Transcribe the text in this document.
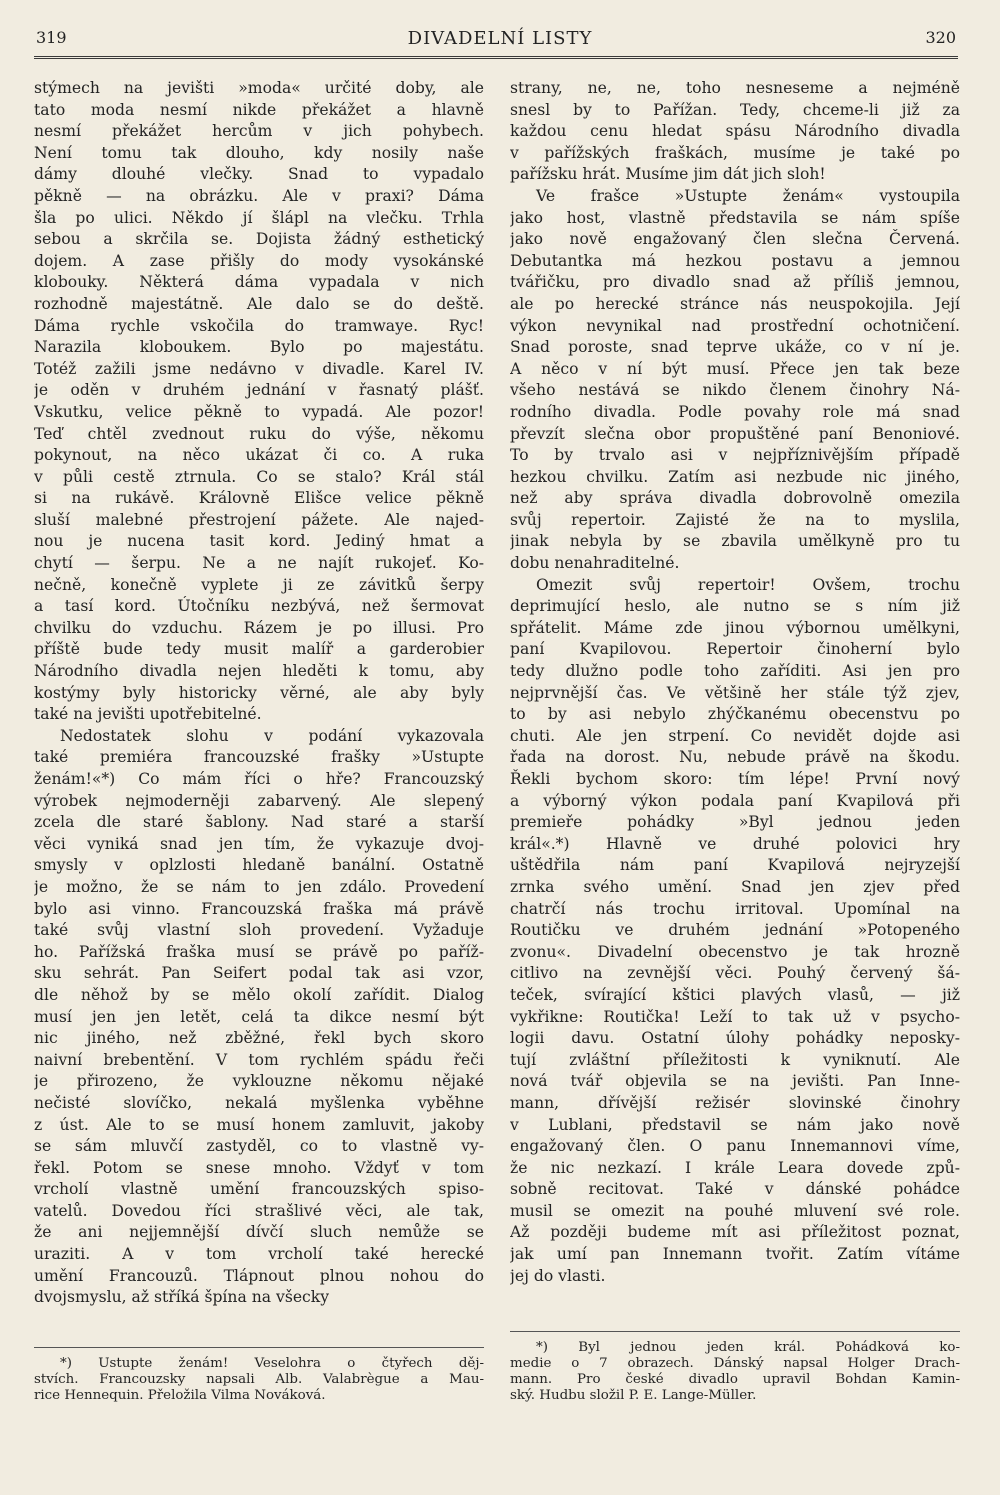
319	DIVADELNÍ LISTY	320
stýmech na jevišti »moda« určité doby, ale
tato moda nesmí nikde překážet a hlavně
nesmí překážet hercům v jich pohybech.
Není tomu tak dlouho, kdy nosily naše
dámy dlouhé vlečky. Snad to vypadalo
pěkně — na obrázku. Ale v praxi? Dáma
šla po ulici. Někdo jí šlápl na vlečku. Trhla
sebou a skrčila se. Dojista žádný esthetický
dojem. A zase přišly do mody vysokánské
klobouky. Některá dáma vypadala v nich
rozhodně majestátně. Ale dalo se do deště.
Dáma rychle vskočila do tramwaye. Ryc!
Narazila kloboukem. Bylo po majestátu.
Totéž zažili jsme nedávno v divadle. Karel IV.
je oděn v druhém jednání v řasnatý plášť.
Vskutku, velice pěkně to vypadá. Ale pozor!
Teď chtěl zvednout ruku do výše, někomu
pokynout, na něco ukázat či co. A ruka
v půli cestě ztrnula. Co se stalo? Král stál
si na rukávě. Královně Elišce velice pěkně
sluší malebné přestrojení pážete. Ale najed-
nou je nucena tasit kord. Jediný hmat a
chytí — šerpu. Ne a ne najít rukojeť. Ko-
nečně, konečně vyplete ji ze závitků šerpy
a tasí kord. Útočníku nezbývá, než šermovat
chvilku do vzduchu. Rázem je po illusi. Pro
příště bude tedy musit malíř a garderobier
Národního divadla nejen hleděti k tomu, aby
kostýmy byly historicky věrné, ale aby byly
také na jevišti upotřebitelné.
Nedostatek slohu v podání vykazovala
také premiéra francouzské frašky »Ustupte
ženám!«*) Co mám říci o hře? Francouzský
výrobek nejmoderněji zabarvený. Ale slepený
zcela dle staré šablony. Nad staré a starší
věci vyniká snad jen tím, že vykazuje dvoj-
smysly v oplzlosti hledaně banální. Ostatně
je možno, že se nám to jen zdálo. Provedení
bylo asi vinno. Francouzská fraška má právě
také svůj vlastní sloh provedení. Vyžaduje
ho. Pařížská fraška musí se právě po paříž-
sku sehrát. Pan Seifert podal tak asi vzor,
dle něhož by se mělo okolí zařídit. Dialog
musí jen jen letět, celá ta dikce nesmí být
nic jiného, než zběžné, řekl bych skoro
naivní brebentění. V tom rychlém spádu řeči
je přirozeno, že vyklouzne někomu nějaké
nečisté slovíčko, nekalá myšlenka vyběhne
z úst. Ale to se musí honem zamluvit, jakoby
se sám mluvčí zastyděl, co to vlastně vy-
řekl. Potom se snese mnoho. Vždyť v tom
vrcholí vlastně umění francouzských spiso-
vatelů. Dovedou říci strašlivé věci, ale tak,
že ani nejjemnější dívčí sluch nemůže se
uraziti. A v tom vrcholí také herecké
umění Francouzů. Tlápnout plnou nohou do
dvojsmyslu, až stříká špína na všecky
strany, ne, ne, toho nesneseme a nejméně
snesl by to Pařížan. Tedy, chceme-li již za
každou cenu hledat spásu Národního divadla
v pařížských fraškách, musíme je také po
pařížsku hrát. Musíme jim dát jich sloh!
Ve frašce »Ustupte ženám« vystoupila
jako host, vlastně představila se nám spíše
jako nově engažovaný člen slečna Červená.
Debutantka má hezkou postavu a jemnou
tvářičku, pro divadlo snad až příliš jemnou,
ale po herecké stránce nás neuspokojila. Její
výkon nevynikal nad prostřední ochotničení.
Snad poroste, snad teprve ukáže, co v ní je.
A něco v ní být musí. Přece jen tak beze
všeho nestává se nikdo členem činohry Ná-
rodního divadla. Podle povahy role má snad
převzít slečna obor propuštěné paní Benoniové.
To by trvalo asi v nejpříznivějším případě
hezkou chvilku. Zatím asi nezbude nic jiného,
než aby správa divadla dobrovolně omezila
svůj repertoir. Zajisté že na to myslila,
jinak nebyla by se zbavila umělkyně pro tu
dobu nenahraditelné.
Omezit svůj repertoir! Ovšem, trochu
deprimující heslo, ale nutno se s ním již
spřátelit. Máme zde jinou výbornou umělkyni,
paní Kvapilovou. Repertoir činoherní bylo
tedy dlužno podle toho zaříditi. Asi jen pro
nejprvnější čas. Ve většině her stále týž zjev,
to by asi nebylo zhýčkanému obecenstvu po
chuti. Ale jen strpení. Co nevidět dojde asi
řada na dorost. Nu, nebude právě na škodu.
Řekli bychom skoro: tím lépe! První nový
a výborný výkon podala paní Kvapilová při
premieře pohádky »Byl jednou jeden
král«.*) Hlavně ve druhé polovici hry
uštědřila nám paní Kvapilová nejryzejší
zrnka svého umění. Snad jen zjev před
chatrčí nás trochu irritoval. Upomínal na
Routičku ve druhém jednání »Potopeného
zvonu«. Divadelní obecenstvo je tak hrozně
citlivo na zevnější věci. Pouhý červený šá-
teček, svírající kštici plavých vlasů, — již
vykřikne: Routička! Leží to tak už v psycho-
logii davu. Ostatní úlohy pohádky neposky-
tují zvláštní příležitosti k vyniknutí. Ale
nová tvář objevila se na jevišti. Pan Inne-
mann, dřívější režisér slovinské činohry
v Lublani, představil se nám jako nově
engažovaný člen. O panu Innemannovi víme,
že nic nezkazí. I krále Leara dovede způ-
sobně recitovat. Také v dánské pohádce
musil se omezit na pouhé mluvení své role.
Až později budeme mít asi příležitost poznat,
jak umí pan Innemann tvořit. Zatím vítáme
jej do vlasti.
*) Ustupte ženám! Veselohra o čtyřech děj-
stvích. Francouzsky napsali Alb. Valabrègue a Mau-
rice Hennequin. Přeložila Vilma Nováková.
*) Byl jednou jeden král. Pohádková ko-
medie o 7 obrazech. Dánský napsal Holger Drach-
mann. Pro české divadlo upravil Bohdan Kamin-
ský. Hudbu složil P. E. Lange-Müller.
